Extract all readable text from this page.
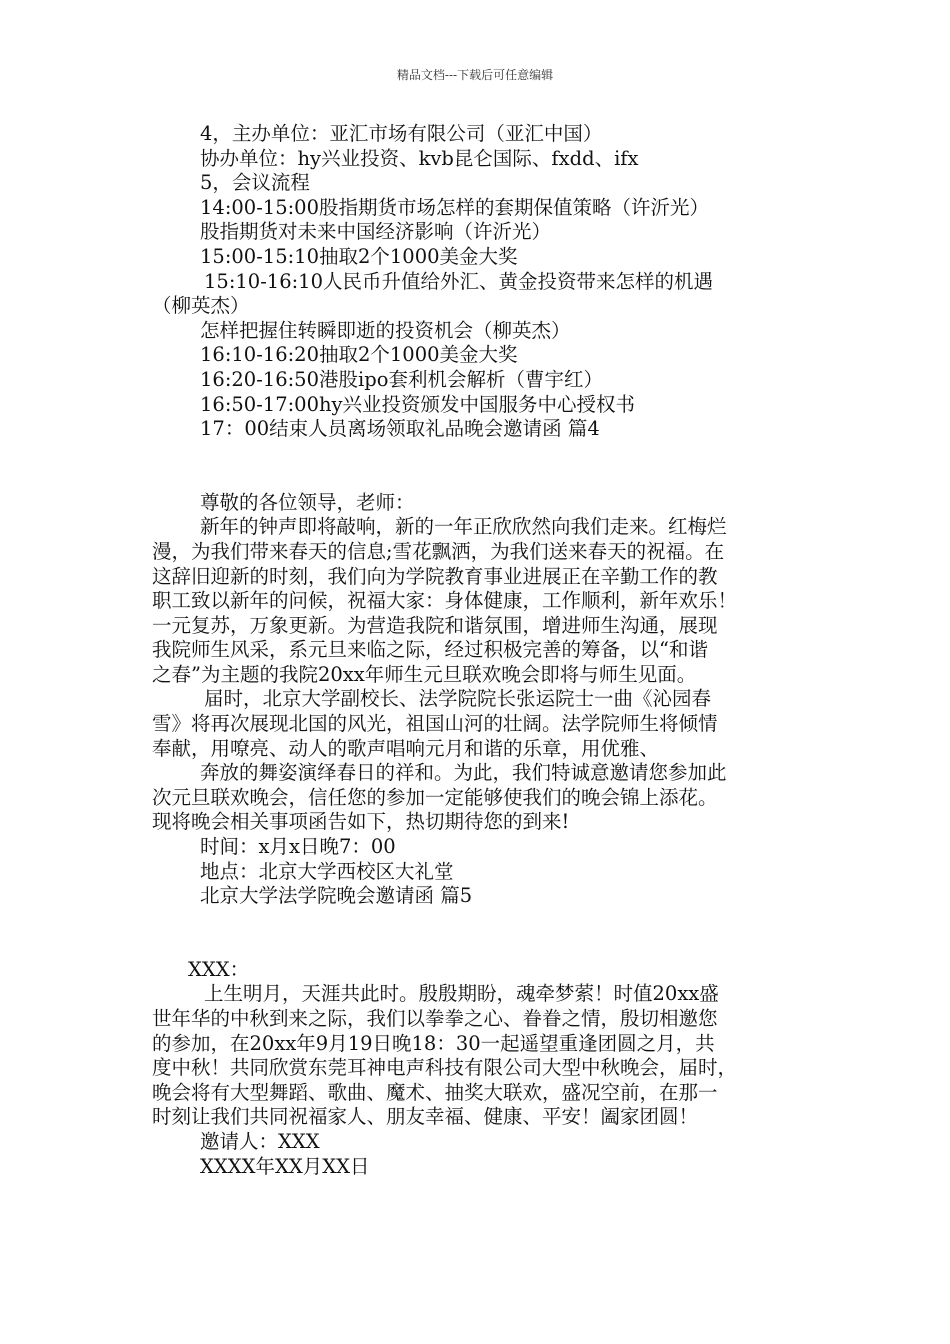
精品文档---下载后可任意编辑
4，主办单位：亚汇市场有限公司（亚汇中国）
协办单位：hy兴业投资、kvb昆仑国际、fxdd、ifx
5，会议流程
14:00-15:00股指期货市场怎样的套期保值策略（许沂光）
股指期货对未来中国经济影响（许沂光）
15:00-15:10抽取2个1000美金大奖
15:10-16:10人民币升值给外汇、黄金投资带来怎样的机遇
（柳英杰）
怎样把握住转瞬即逝的投资机会（柳英杰）
16:10-16:20抽取2个1000美金大奖
16:20-16:50港股ipo套利机会解析（曹宇红）
16:50-17:00hy兴业投资颁发中国服务中心授权书
17：00结束人员离场领取礼品晚会邀请函 篇4
尊敬的各位领导，老师：
新年的钟声即将敲响，新的一年正欣欣然向我们走来。红梅烂
漫，为我们带来春天的信息;雪花飘洒，为我们送来春天的祝福。在
这辞旧迎新的时刻，我们向为学院教育事业进展正在辛勤工作的教
职工致以新年的问候，祝福大家：身体健康，工作顺利，新年欢乐！
一元复苏，万象更新。为营造我院和谐氛围，增进师生沟通，展现
我院师生风采，系元旦来临之际，经过积极完善的筹备，以“和谐
之春”为主题的我院20xx年师生元旦联欢晚会即将与师生见面。
届时，北京大学副校长、法学院院长张运院士一曲《沁园春
雪》将再次展现北国的风光，祖国山河的壮阔。法学院师生将倾情
奉献，用嘹亮、动人的歌声唱响元月和谐的乐章，用优雅、
奔放的舞姿演绎春日的祥和。为此，我们特诚意邀请您参加此
次元旦联欢晚会，信任您的参加一定能够使我们的晚会锦上添花。
现将晚会相关事项函告如下，热切期待您的到来!
时间：x月x日晚7：00
地点：北京大学西校区大礼堂
北京大学法学院晚会邀请函 篇5
XXX：
上生明月，天涯共此时。殷殷期盼，魂牵梦萦！时值20xx盛
世年华的中秋到来之际，我们以拳拳之心、眷眷之情，殷切相邀您
的参加，在20xx年9月19日晚18：30一起遥望重逢团圆之月，共
度中秋！共同欣赏东莞耳神电声科技有限公司大型中秋晚会，届时，
晚会将有大型舞蹈、歌曲、魔术、抽奖大联欢，盛况空前，在那一
时刻让我们共同祝福家人、朋友幸福、健康、平安！阖家团圆！
邀请人：XXX
XXXX年XX月XX日
